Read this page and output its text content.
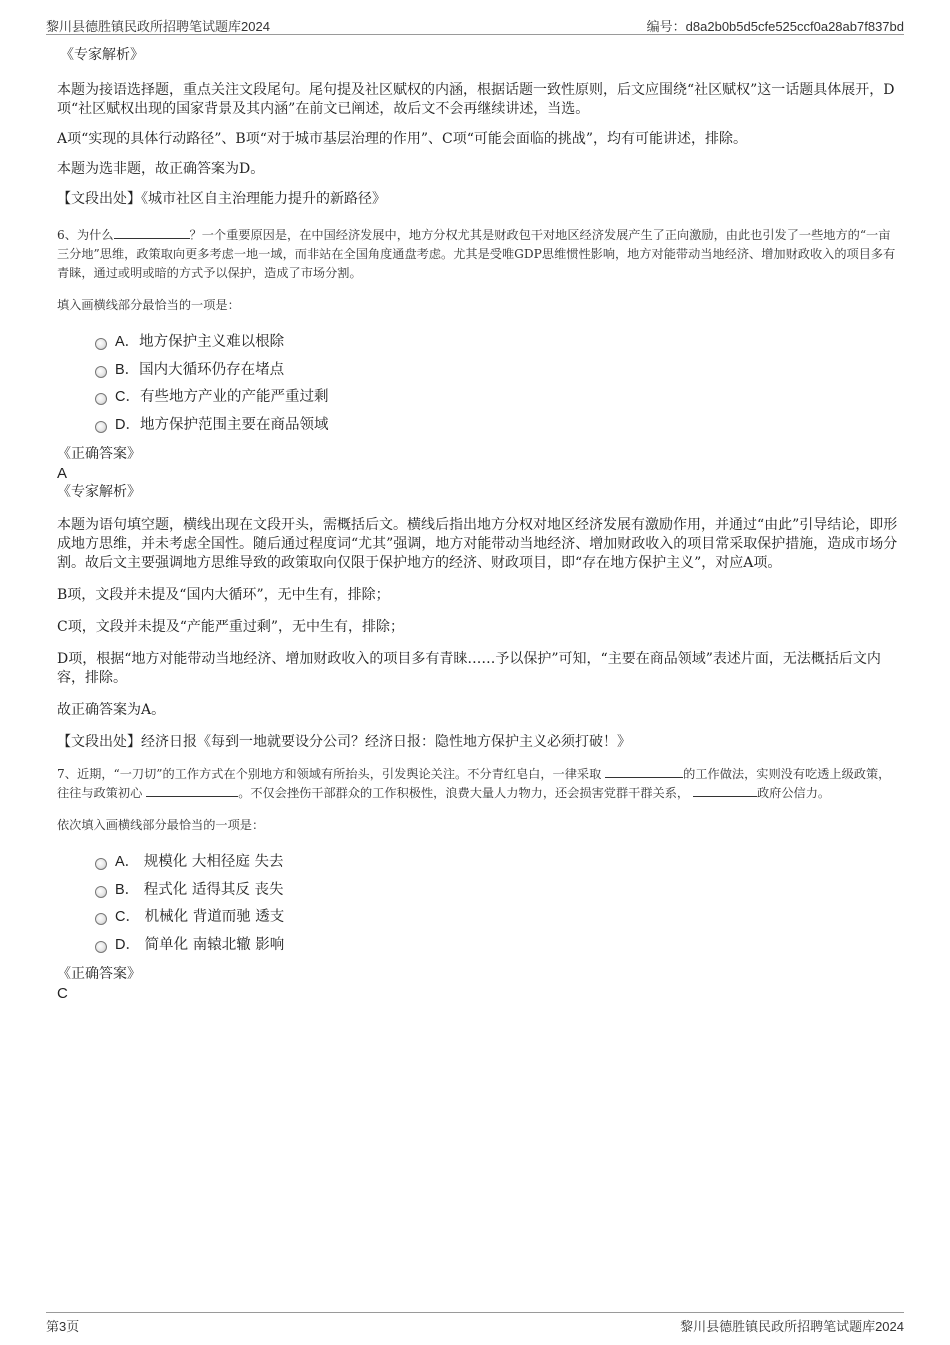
黎川县德胜镇民政所招聘笔试题库2024	编号：d8a2b0b5d5cfe525ccf0a28ab7f837bd
《专家解析》

本题为接语选择题，重点关注文段尾句。尾句提及社区赋权的内涵，根据话题一致性原则，后文应围绕“社区赋权”这一话题具体展开，D项“社区赋权出现的国家背景及其内涵”在前文已阐述，故后文不会再继续讲述，当选。

A项“实现的具体行动路径”、B项“对于城市基层治理的作用”、C项“可能会面临的挑战”，均有可能讲述，排除。

本题为选非题，故正确答案为D。

【文段出处】《城市社区自主治理能力提升的新路径》

6、为什么	？一个重要原因是，在中国经济发展中，地方分权尤其是财政包干对地区经济发展产生了正向激励，由此也引发了一些地方的“一亩三分地”思维，政策取向更多考虑一地一域，而非站在全国角度通盘考虑。尤其是受唯GDP思维惯性影响，地方对能带动当地经济、增加财政收入的项目多有青睐，通过或明或暗的方式予以保护，造成了市场分割。

填入画横线部分最恰当的一项是：

A．地方保护主义难以根除
B．国内大循环仍存在堵点
C．有些地方产业的产能严重过剩
D．地方保护范围主要在商品领域
《正确答案》
A
《专家解析》

本题为语句填空题，横线出现在文段开头，需概括后文。横线后指出地方分权对地区经济发展有激励作用，并通过“由此”引导结论，即形成地方思维，并未考虑全国性。随后通过程度词“尤其”强调，地方对能带动当地经济、增加财政收入的项目常采取保护措施，造成市场分割。故后文主要强调地方思维导致的政策取向仅限于保护地方的经济、财政项目，即“存在地方保护主义”，对应A项。

B项，文段并未提及“国内大循环”，无中生有，排除；

C项，文段并未提及“产能严重过剩”，无中生有，排除；

D项，根据“地方对能带动当地经济、增加财政收入的项目多有青睐……予以保护”可知，“主要在商品领域”表述片面，无法概括后文内容，排除。

故正确答案为A。

【文段出处】经济日报《每到一地就要设分公司？经济日报：隐性地方保护主义必须打破！》

7、近期，“一刀切”的工作方式在个别地方和领域有所抬头，引发舆论关注。不分青红皂白，一律采取	的工作做法，实则没有吃透上级政策，往往与政策初心	。不仅会挫伤干部群众的工作积极性，浪费大量人力物力，还会损害党群干群关系，	政府公信力。

依次填入画横线部分最恰当的一项是：

A． 规模化 大相径庭 失去
B． 程式化 适得其反 丧失
C． 机械化 背道而驰 透支
D． 简单化 南辕北辙 影响
《正确答案》
C
第3页	黎川县德胜镇民政所招聘笔试题库2024
